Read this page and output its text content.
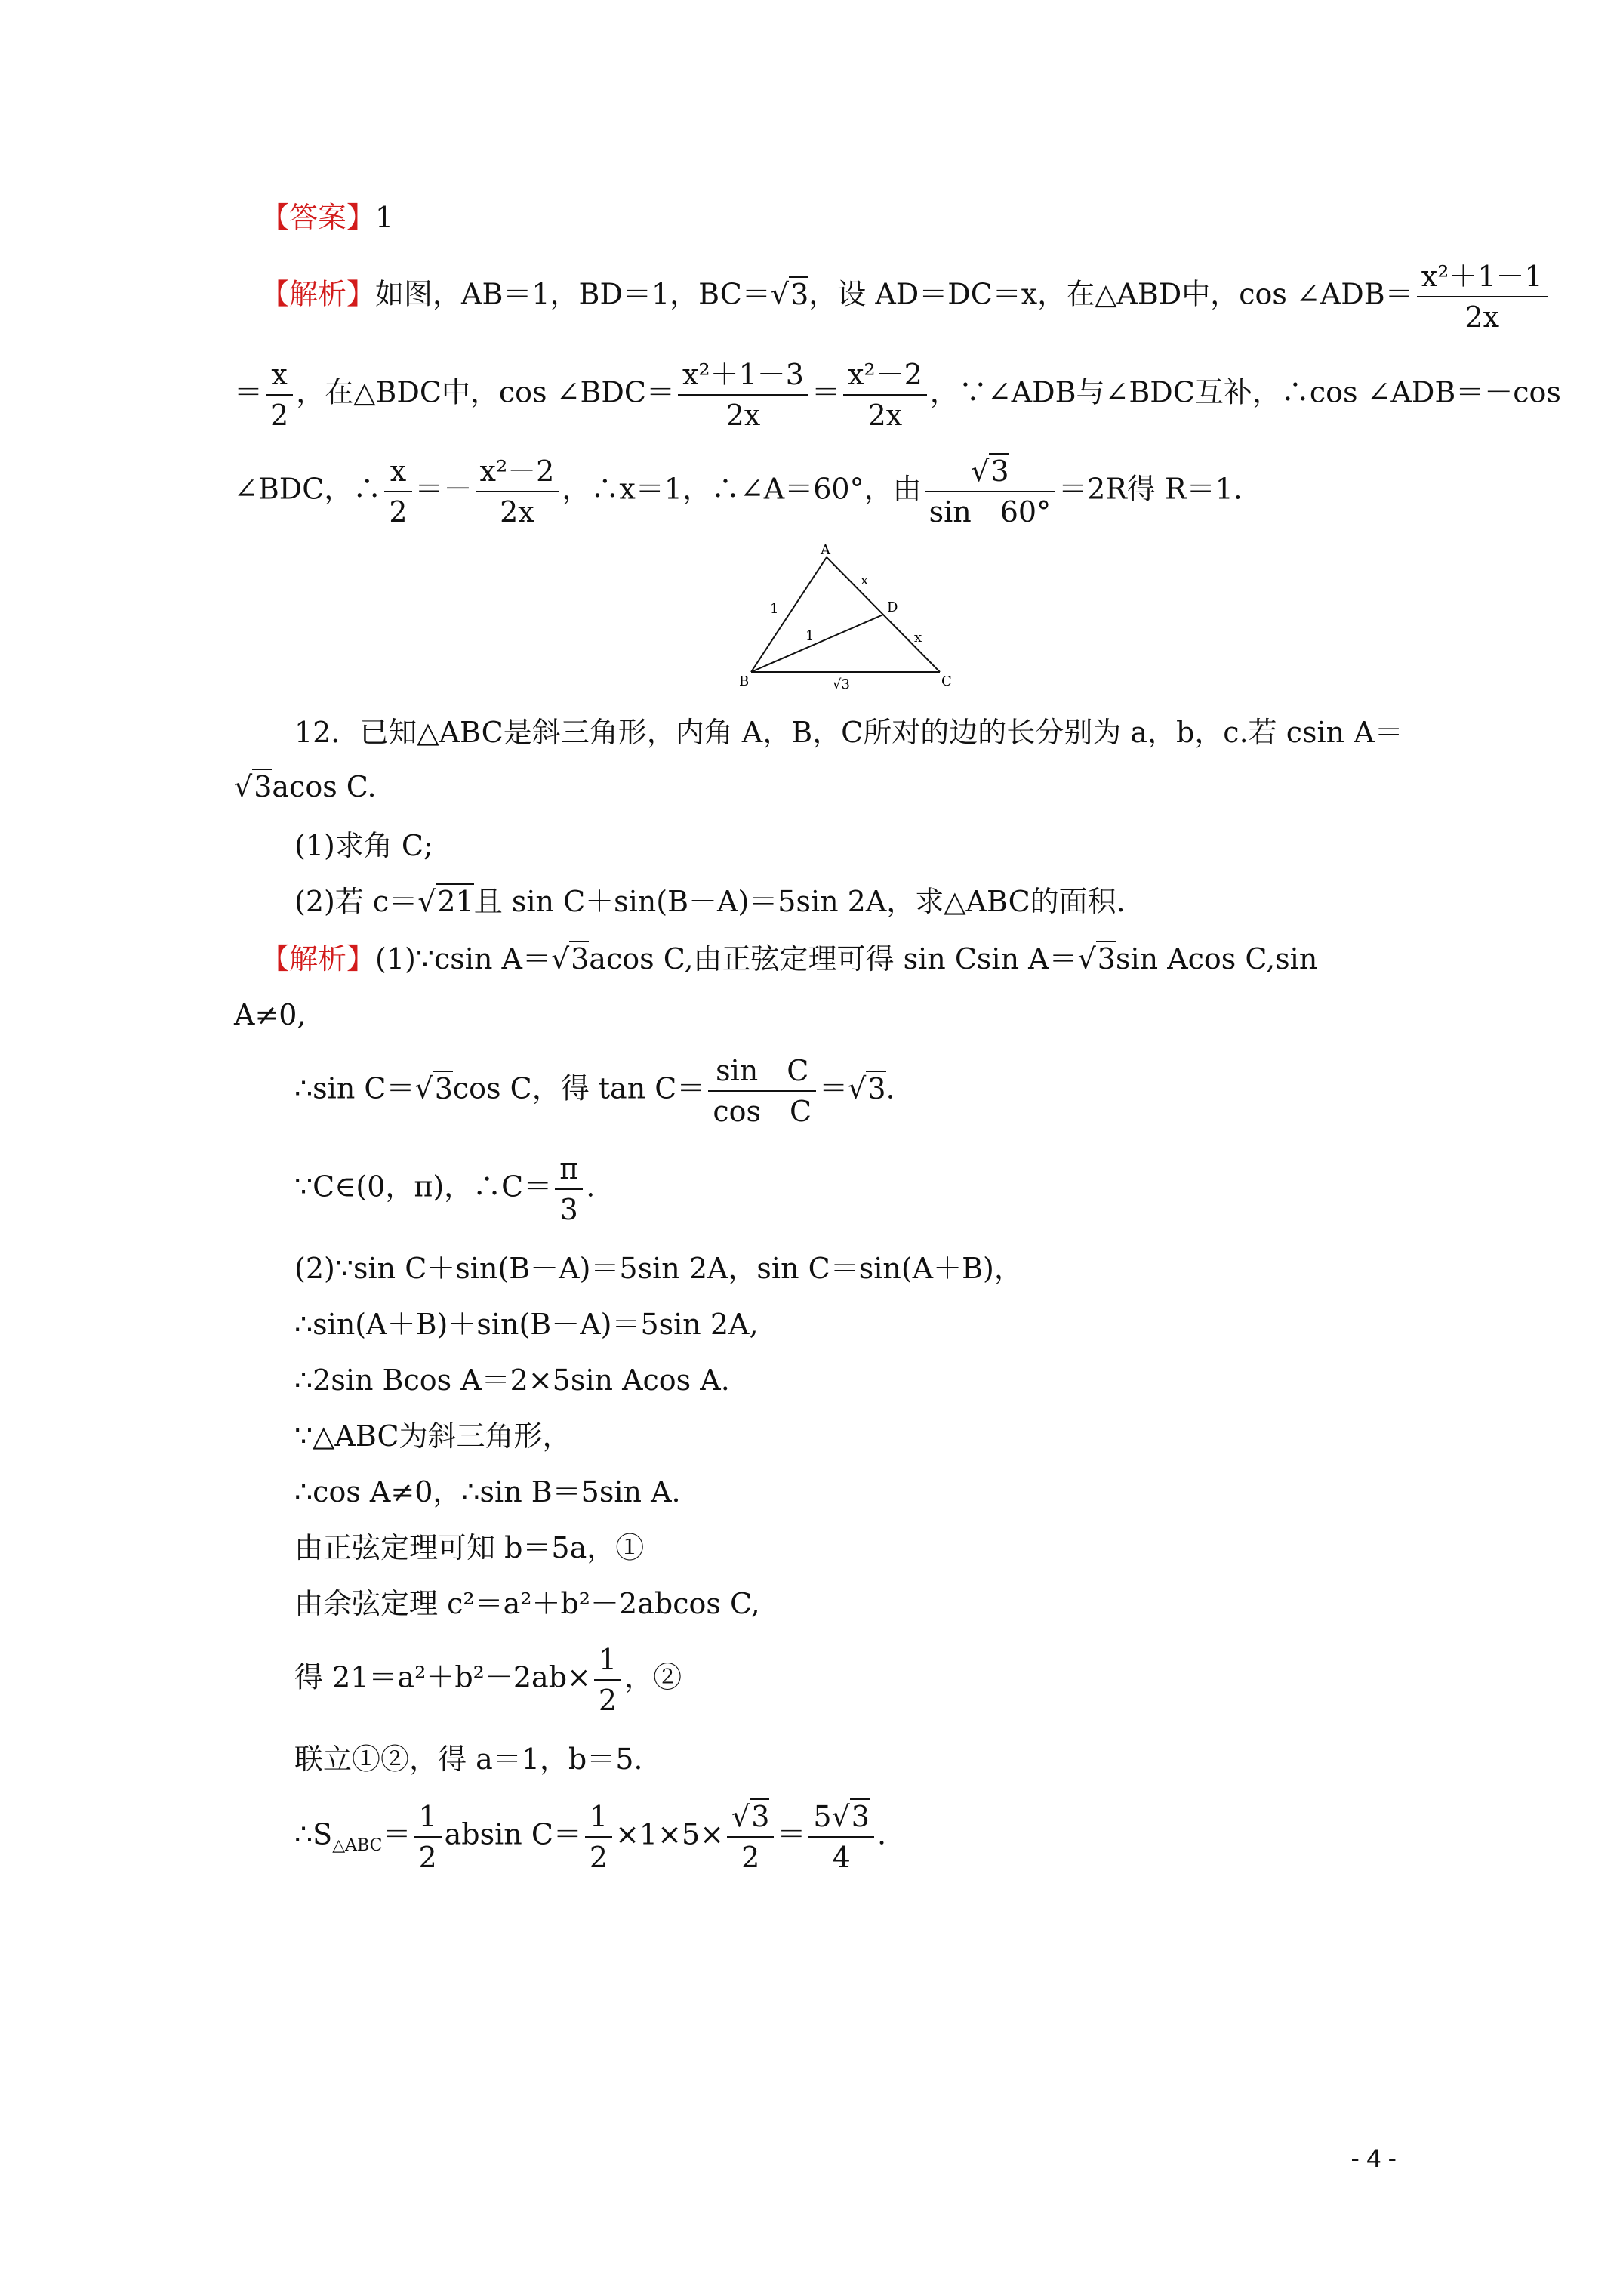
【答案】1
【解析】如图，AB＝1，BD＝1，BC＝√3，设 AD＝DC＝x，在△ABD中，cos ∠ADB＝ $\frac{\text{x²＋1－1}}{2x}$
＝ $\frac{x}{2}$ ，在△BDC中，cos ∠BDC＝ $\frac{\text{x²＋1－3}}{2x} = \frac{\text{x²－2}}{2x}$ ，∵∠ADB与∠BDC互补，∴cos ∠ADB＝－cos
∠BDC，∴ $\frac{x}{2} =- \frac{\text{x²－2}}{2x}$ ，∴x＝1，∴∠A＝60°，由 $\frac{√3}{\sin 60^\circ} =2R$得 R＝1.
A
B	C
D
1
1
√3
x
x
12．已知△ABC是斜三角形，内角 A，B，C所对的边的长分别为 a，b，c.若 csin A＝
√3acos C.
(1)求角 C;
(2)若 c＝√21且 sin C＋sin(B－A)＝5sin 2A，求△ABC的面积.
【解析】(1)∵csin A＝√3acos C,由正弦定理可得 sin Csin A＝√3sin Acos C,sin
A≠0,
∴sin C＝√3cos C，得 $\tan C= \frac{\text{sin　C}}{\text{cos　C}} =√3$.
∵C∈(0，π)，∴C＝ $\frac{\pi}{3}$ .
(2)∵sin C＋sin(B－A)＝5sin 2A，sin C＝sin(A＋B)，
∴sin(A＋B)＋sin(B－A)＝5sin 2A,
∴2sin Bcos A＝2×5sin Acos A.
∵△ABC为斜三角形，
∴cos A≠0，∴sin B＝5sin A.
由正弦定理可知 b＝5a，①
由余弦定理 c²＝a²＋b²－2abcos C,
得 $21=a^2+b^2-2ab\times \frac{1}{2}$ ，②
联立①②，得 a＝1，b＝5.
$\therefore S_{\triangle ABC}= \frac{1}{2}$ absin $C= \frac{1}{2} \times 1\times 5\times \frac{√3}{2} = \frac{5√3}{4}$ .
- 4 -
